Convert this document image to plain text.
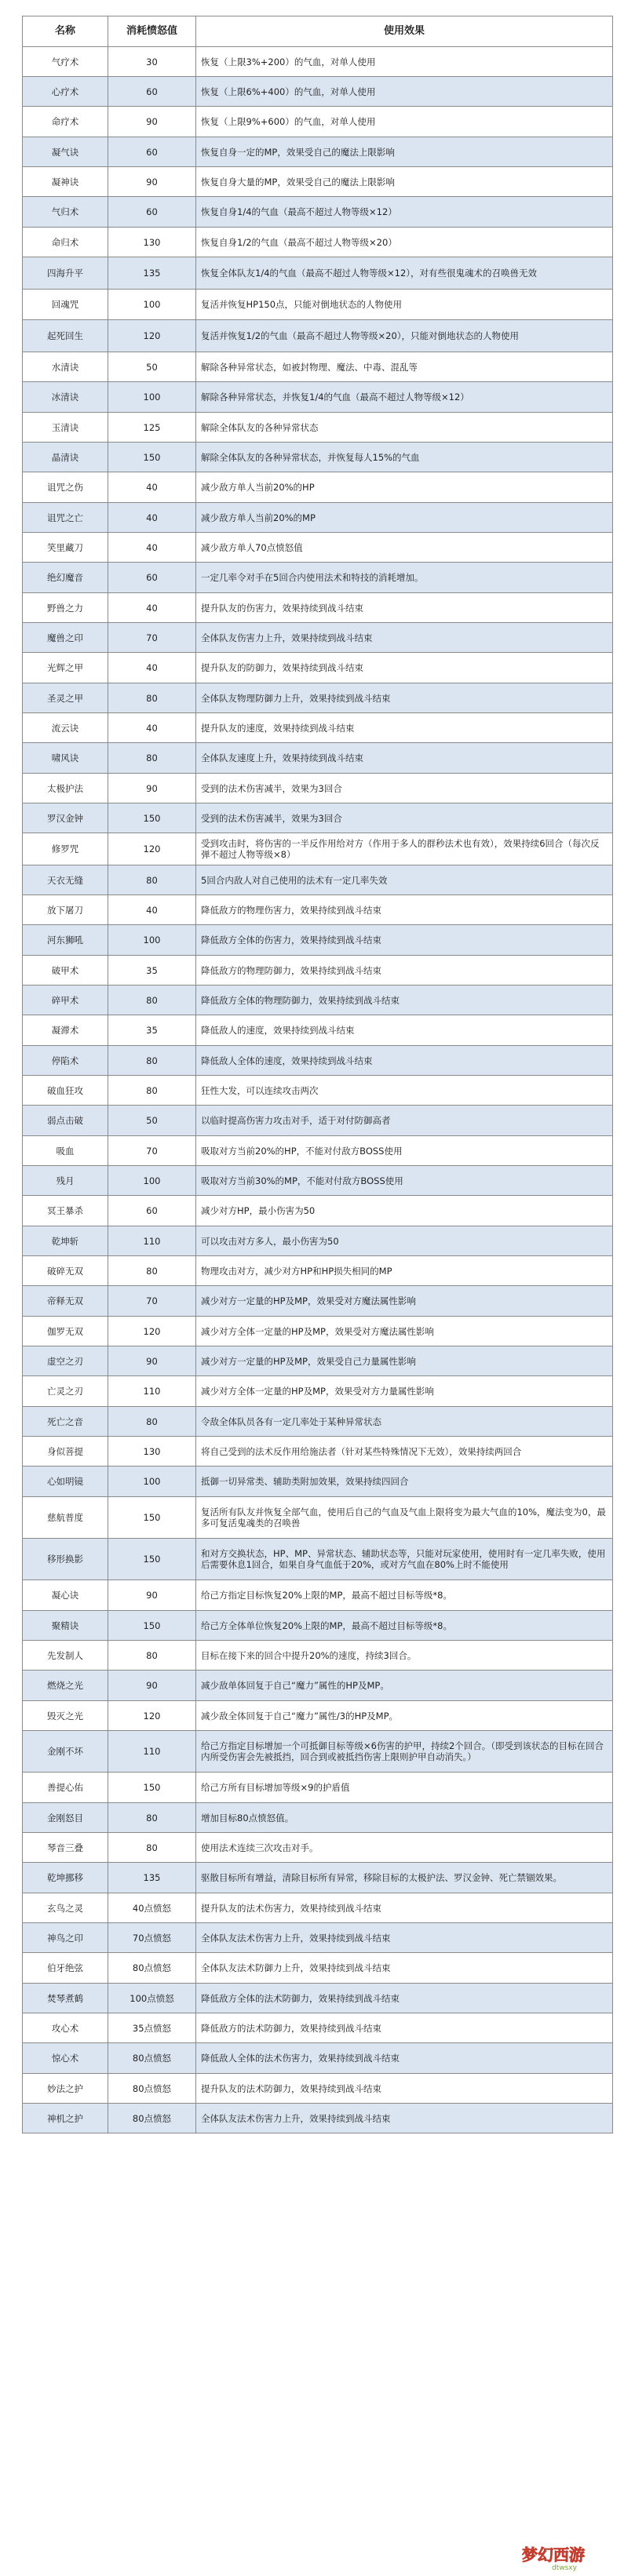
名称	消耗愤怒值	使用效果
气疗术	30	恢复（上限3%+200）的气血，对单人使用
心疗术	60	恢复（上限6%+400）的气血，对单人使用
命疗术	90	恢复（上限9%+600）的气血，对单人使用
凝气诀	60	恢复自身一定的MP，效果受自己的魔法上限影响
凝神诀	90	恢复自身大量的MP，效果受自己的魔法上限影响
气归术	60	恢复自身1/4的气血（最高不超过人物等级×12）
命归术	130	恢复自身1/2的气血（最高不超过人物等级×20）
四海升平	135	恢复全体队友1/4的气血（最高不超过人物等级×12），对有些很鬼魂术的召唤兽无效
回魂咒	100	复活并恢复HP150点，只能对倒地状态的人物使用
起死回生	120	复活并恢复1/2的气血（最高不超过人物等级×20），只能对倒地状态的人物使用
水清诀	50	解除各种异常状态，如被封物理、魔法、中毒、混乱等
冰清诀	100	解除各种异常状态，并恢复1/4的气血（最高不超过人物等级×12）
玉清诀	125	解除全体队友的各种异常状态
晶清诀	150	解除全体队友的各种异常状态，并恢复每人15%的气血
诅咒之伤	40	减少敌方单人当前20%的HP
诅咒之亡	40	减少敌方单人当前20%的MP
笑里藏刀	40	减少敌方单人70点愤怒值
绝幻魔音	60	一定几率令对手在5回合内使用法术和特技的消耗增加。
野兽之力	40	提升队友的伤害力，效果持续到战斗结束
魔兽之印	70	全体队友伤害力上升，效果持续到战斗结束
光辉之甲	40	提升队友的防御力，效果持续到战斗结束
圣灵之甲	80	全体队友物理防御力上升，效果持续到战斗结束
流云诀	40	提升队友的速度，效果持续到战斗结束
啸风诀	80	全体队友速度上升，效果持续到战斗结束
太极护法	90	受到的法术伤害减半，效果为3回合
罗汉金钟	150	受到的法术伤害减半，效果为3回合
修罗咒	120	受到攻击时，将伤害的一半反作用给对方（作用于多人的群秒法术也有效），效果持续6回合（每次反弹不超过人物等级×8）
天衣无缝	80	5回合内敌人对自己使用的法术有一定几率失效
放下屠刀	40	降低敌方的物理伤害力，效果持续到战斗结束
河东狮吼	100	降低敌方全体的伤害力，效果持续到战斗结束
破甲术	35	降低敌方的物理防御力，效果持续到战斗结束
碎甲术	80	降低敌方全体的物理防御力，效果持续到战斗结束
凝滞术	35	降低敌人的速度，效果持续到战斗结束
停陷术	80	降低敌人全体的速度，效果持续到战斗结束
破血狂攻	80	狂性大发，可以连续攻击两次
弱点击破	50	以临时提高伤害力攻击对手，适于对付防御高者
吸血	70	吸取对方当前20%的HP，不能对付敌方BOSS使用
残月	100	吸取对方当前30%的MP，不能对付敌方BOSS使用
冥王暴杀	60	减少对方HP，最小伤害为50
乾坤斩	110	可以攻击对方多人，最小伤害为50
破碎无双	80	物理攻击对方，减少对方HP和HP损失相同的MP
帝释无双	70	减少对方一定量的HP及MP，效果受对方魔法属性影响
伽罗无双	120	减少对方全体一定量的HP及MP，效果受对方魔法属性影响
虚空之刃	90	减少对方一定量的HP及MP，效果受自己力量属性影响
亡灵之刃	110	减少对方全体一定量的HP及MP，效果受对方力量属性影响
死亡之音	80	令敌全体队员各有一定几率处于某种异常状态
身似菩提	130	将自己受到的法术反作用给施法者（针对某些特殊情况下无效），效果持续两回合
心如明镜	100	抵御一切异常类、辅助类附加效果，效果持续四回合
慈航普度	150	复活所有队友并恢复全部气血，使用后自己的气血及气血上限将变为最大气血的10%，魔法变为0，最多可复活鬼魂类的召唤兽
移形换影	150	和对方交换状态，HP、MP、异常状态、辅助状态等，只能对玩家使用，使用时有一定几率失败，使用后需要休息1回合，如果自身气血低于20%，或对方气血在80%上时不能使用
凝心诀	90	给己方指定目标恢复20%上限的MP，最高不超过目标等级*8。
聚精诀	150	给己方全体单位恢复20%上限的MP，最高不超过目标等级*8。
先发制人	80	目标在接下来的回合中提升20%的速度，持续3回合。
燃烧之光	90	减少敌单体回复于自己“魔力”属性的HP及MP。
毁灭之光	120	减少敌全体回复于自己“魔力”属性/3的HP及MP。
金刚不坏	110	给己方指定目标增加一个可抵御目标等级×6伤害的护甲，持续2个回合。（即受到该状态的目标在回合内所受伤害会先被抵挡，回合到或被抵挡伤害上限则护甲自动消失。）
善提心佑	150	给己方所有目标增加等级×9的护盾值
金刚怒目	80	增加目标80点愤怒值。
琴音三叠	80	使用法术连续三次攻击对手。
乾坤挪移	135	驱散目标所有增益，清除目标所有异常，移除目标的太极护法、罗汉金钟、死亡禁锢效果。
玄鸟之灵	40点愤怒	提升队友的法术伤害力，效果持续到战斗结束
神鸟之印	70点愤怒	全体队友法术伤害力上升，效果持续到战斗结束
伯牙绝弦	80点愤怒	全体队友法术防御力上升，效果持续到战斗结束
焚琴煮鹤	100点愤怒	降低敌方全体的法术防御力，效果持续到战斗结束
攻心术	35点愤怒	降低敌方的法术防御力，效果持续到战斗结束
惊心术	80点愤怒	降低敌人全体的法术伤害力，效果持续到战斗结束
妙法之护	80点愤怒	提升队友的法术防御力，效果持续到战斗结束
神机之护	80点愤怒	全体队友法术伤害力上升，效果持续到战斗结束
梦幻西游
dtwsxy
